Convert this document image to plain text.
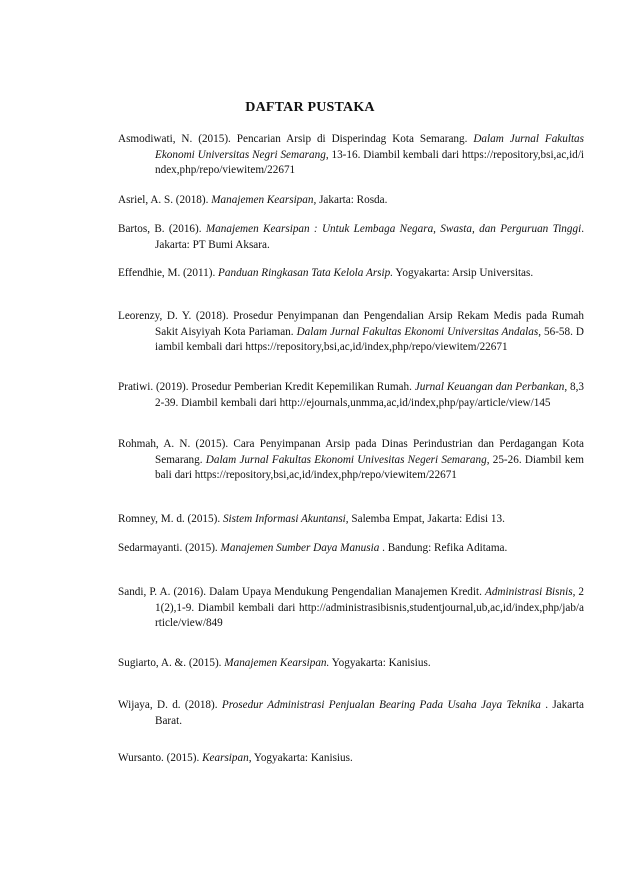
DAFTAR PUSTAKA

Asmodiwati, N. (2015). Pencarian Arsip di Disperindag Kota Semarang. Dalam Jurnal Fakultas Ekonomi Universitas Negri Semarang, 13-16. Diambil kembali dari https://repository,bsi,ac,id/index,php/repo/viewitem/22671

Asriel, A. S. (2018). Manajemen Kearsipan, Jakarta: Rosda.

Bartos, B. (2016). Manajemen Kearsipan : Untuk Lembaga Negara, Swasta, dan Perguruan Tinggi. Jakarta: PT Bumi Aksara.

Effendhie, M. (2011). Panduan Ringkasan Tata Kelola Arsip. Yogyakarta: Arsip Universitas.

Leorenzy, D. Y. (2018). Prosedur Penyimpanan dan Pengendalian Arsip Rekam Medis pada Rumah Sakit Aisyiyah Kota Pariaman. Dalam Jurnal Fakultas Ekonomi Universitas Andalas, 56-58. Diambil kembali dari https://repository,bsi,ac,id/index,php/repo/viewitem/22671

Pratiwi. (2019). Prosedur Pemberian Kredit Kepemilikan Rumah. Jurnal Keuangan dan Perbankan, 8,32-39. Diambil kembali dari http://ejournals,unmma,ac,id/index,php/pay/article/view/145

Rohmah, A. N. (2015). Cara Penyimpanan Arsip pada Dinas Perindustrian dan Perdagangan Kota Semarang. Dalam Jurnal Fakultas Ekonomi Univesitas Negeri Semarang, 25-26. Diambil kembali dari https://repository,bsi,ac,id/index,php/repo/viewitem/22671

Romney, M. d. (2015). Sistem Informasi Akuntansi, Salemba Empat, Jakarta: Edisi 13.

Sedarmayanti. (2015). Manajemen Sumber Daya Manusia . Bandung: Refika Aditama.

Sandi, P. A. (2016). Dalam Upaya Mendukung Pengendalian Manajemen Kredit. Administrasi Bisnis, 21(2),1-9. Diambil kembali dari http://administrasibisnis,studentjournal,ub,ac,id/index,php/jab/article/view/849

Sugiarto, A. &. (2015). Manajemen Kearsipan. Yogyakarta: Kanisius.

Wijaya, D. d. (2018). Prosedur Administrasi Penjualan Bearing Pada Usaha Jaya Teknika . Jakarta Barat.

Wursanto. (2015). Kearsipan, Yogyakarta: Kanisius.
